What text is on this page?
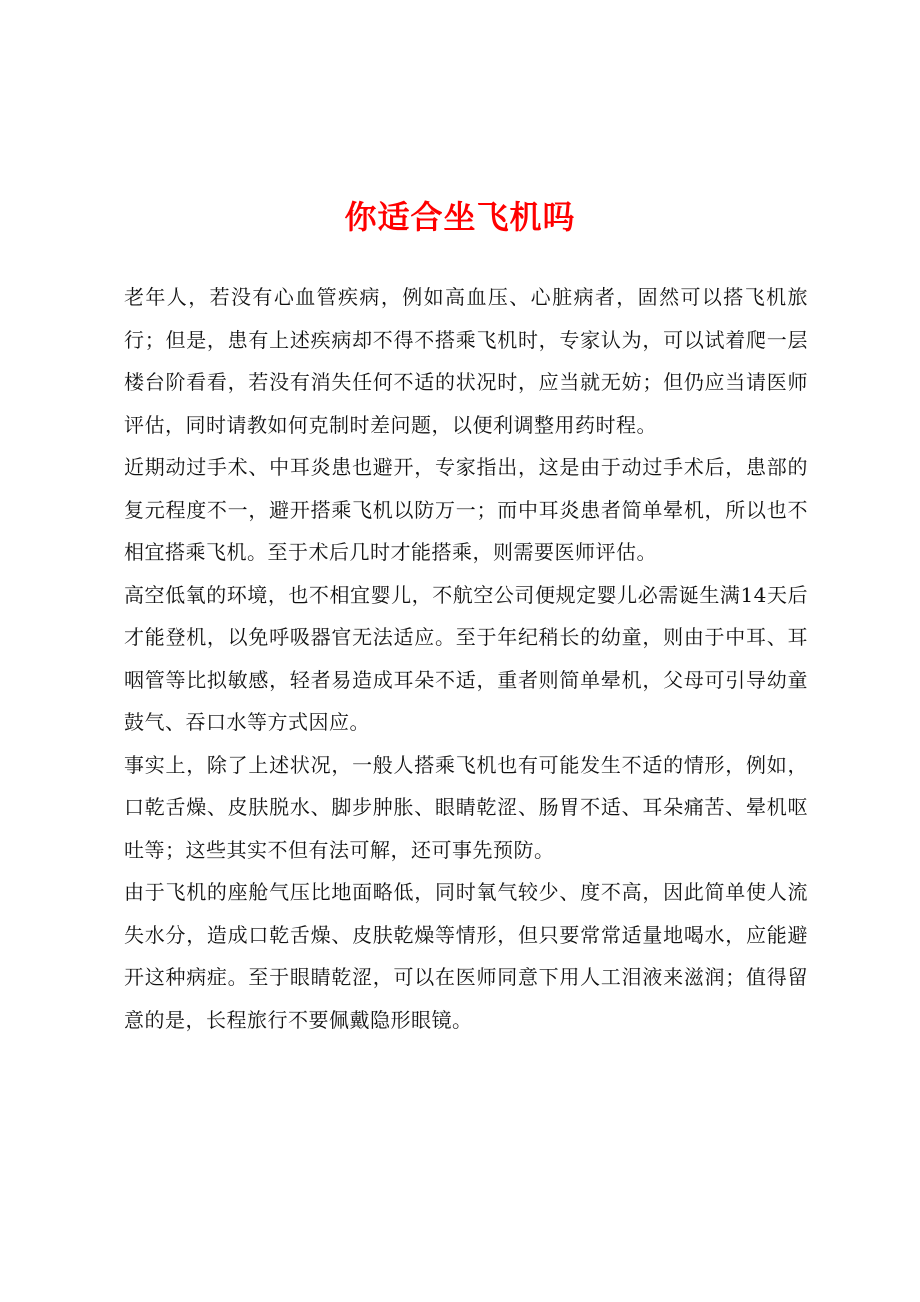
你适合坐飞机吗

老年人，若没有心血管疾病，例如高血压、心脏病者，固然可以搭飞机旅行；但是，患有上述疾病却不得不搭乘飞机时，专家认为，可以试着爬一层楼台阶看看，若没有消失任何不适的状况时，应当就无妨；但仍应当请医师评估，同时请教如何克制时差问题，以便利调整用药时程。

近期动过手术、中耳炎患也避开，专家指出，这是由于动过手术后，患部的复元程度不一，避开搭乘飞机以防万一；而中耳炎患者简单晕机，所以也不相宜搭乘飞机。至于术后几时才能搭乘，则需要医师评估。

高空低氧的环境，也不相宜婴儿，不航空公司便规定婴儿必需诞生满14天后才能登机，以免呼吸器官无法适应。至于年纪稍长的幼童，则由于中耳、耳咽管等比拟敏感，轻者易造成耳朵不适，重者则简单晕机，父母可引导幼童鼓气、吞口水等方式因应。

事实上，除了上述状况，一般人搭乘飞机也有可能发生不适的情形，例如，口乾舌燥、皮肤脱水、脚步肿胀、眼睛乾涩、肠胃不适、耳朵痛苦、晕机呕吐等；这些其实不但有法可解，还可事先预防。

由于飞机的座舱气压比地面略低，同时氧气较少、度不高，因此简单使人流失水分，造成口乾舌燥、皮肤乾燥等情形，但只要常常适量地喝水，应能避开这种病症。至于眼睛乾涩，可以在医师同意下用人工泪液来滋润；值得留意的是，长程旅行不要佩戴隐形眼镜。
